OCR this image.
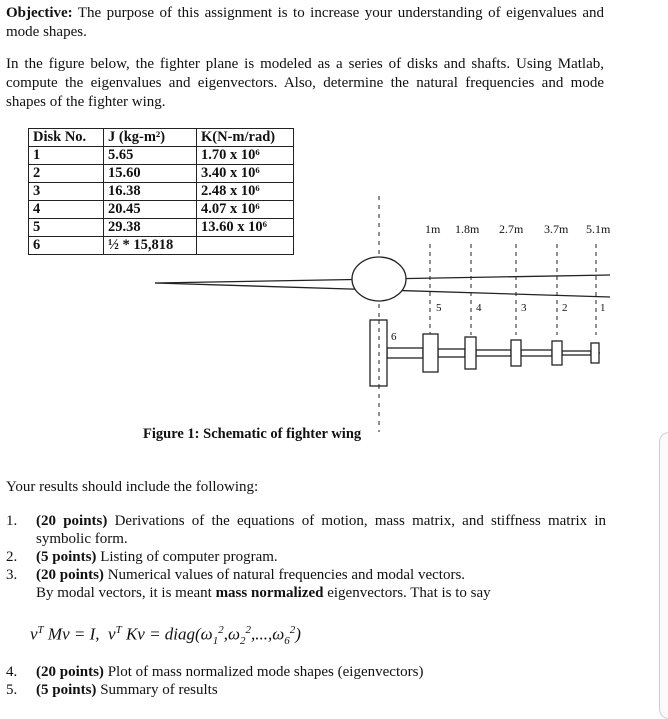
Objective: The purpose of this assignment is to increase your understanding of eigenvalues and mode shapes.
In the figure below, the fighter plane is modeled as a series of disks and shafts. Using Matlab, compute the eigenvalues and eigenvectors. Also, determine the natural frequencies and mode shapes of the fighter wing.
Disk No.	J (kg-m²)	K(N-m/rad)
1	5.65	1.70 x 10⁶
2	15.60	3.40 x 10⁶
3	16.38	2.48 x 10⁶
4	20.45	4.07 x 10⁶
5	29.38	13.60 x 10⁶
6	½ * 15,818	
1m 1.8m 2.7m 3.7m 5.1m
5	4	3	2	1
6
Figure 1: Schematic of fighter wing
Your results should include the following:
1. (20 points) Derivations of the equations of motion, mass matrix, and stiffness matrix in symbolic form.
2. (5 points) Listing of computer program.
3. (20 points) Numerical values of natural frequencies and modal vectors.
By modal vectors, it is meant mass normalized eigenvectors. That is to say
$v^T$ Mv = I,  $v^T$ $Kv = diag(\omega_1^2,\omega_2^2,...,\omega_6^2)$
4. (20 points) Plot of mass normalized mode shapes (eigenvectors)
5. (5 points) Summary of results
